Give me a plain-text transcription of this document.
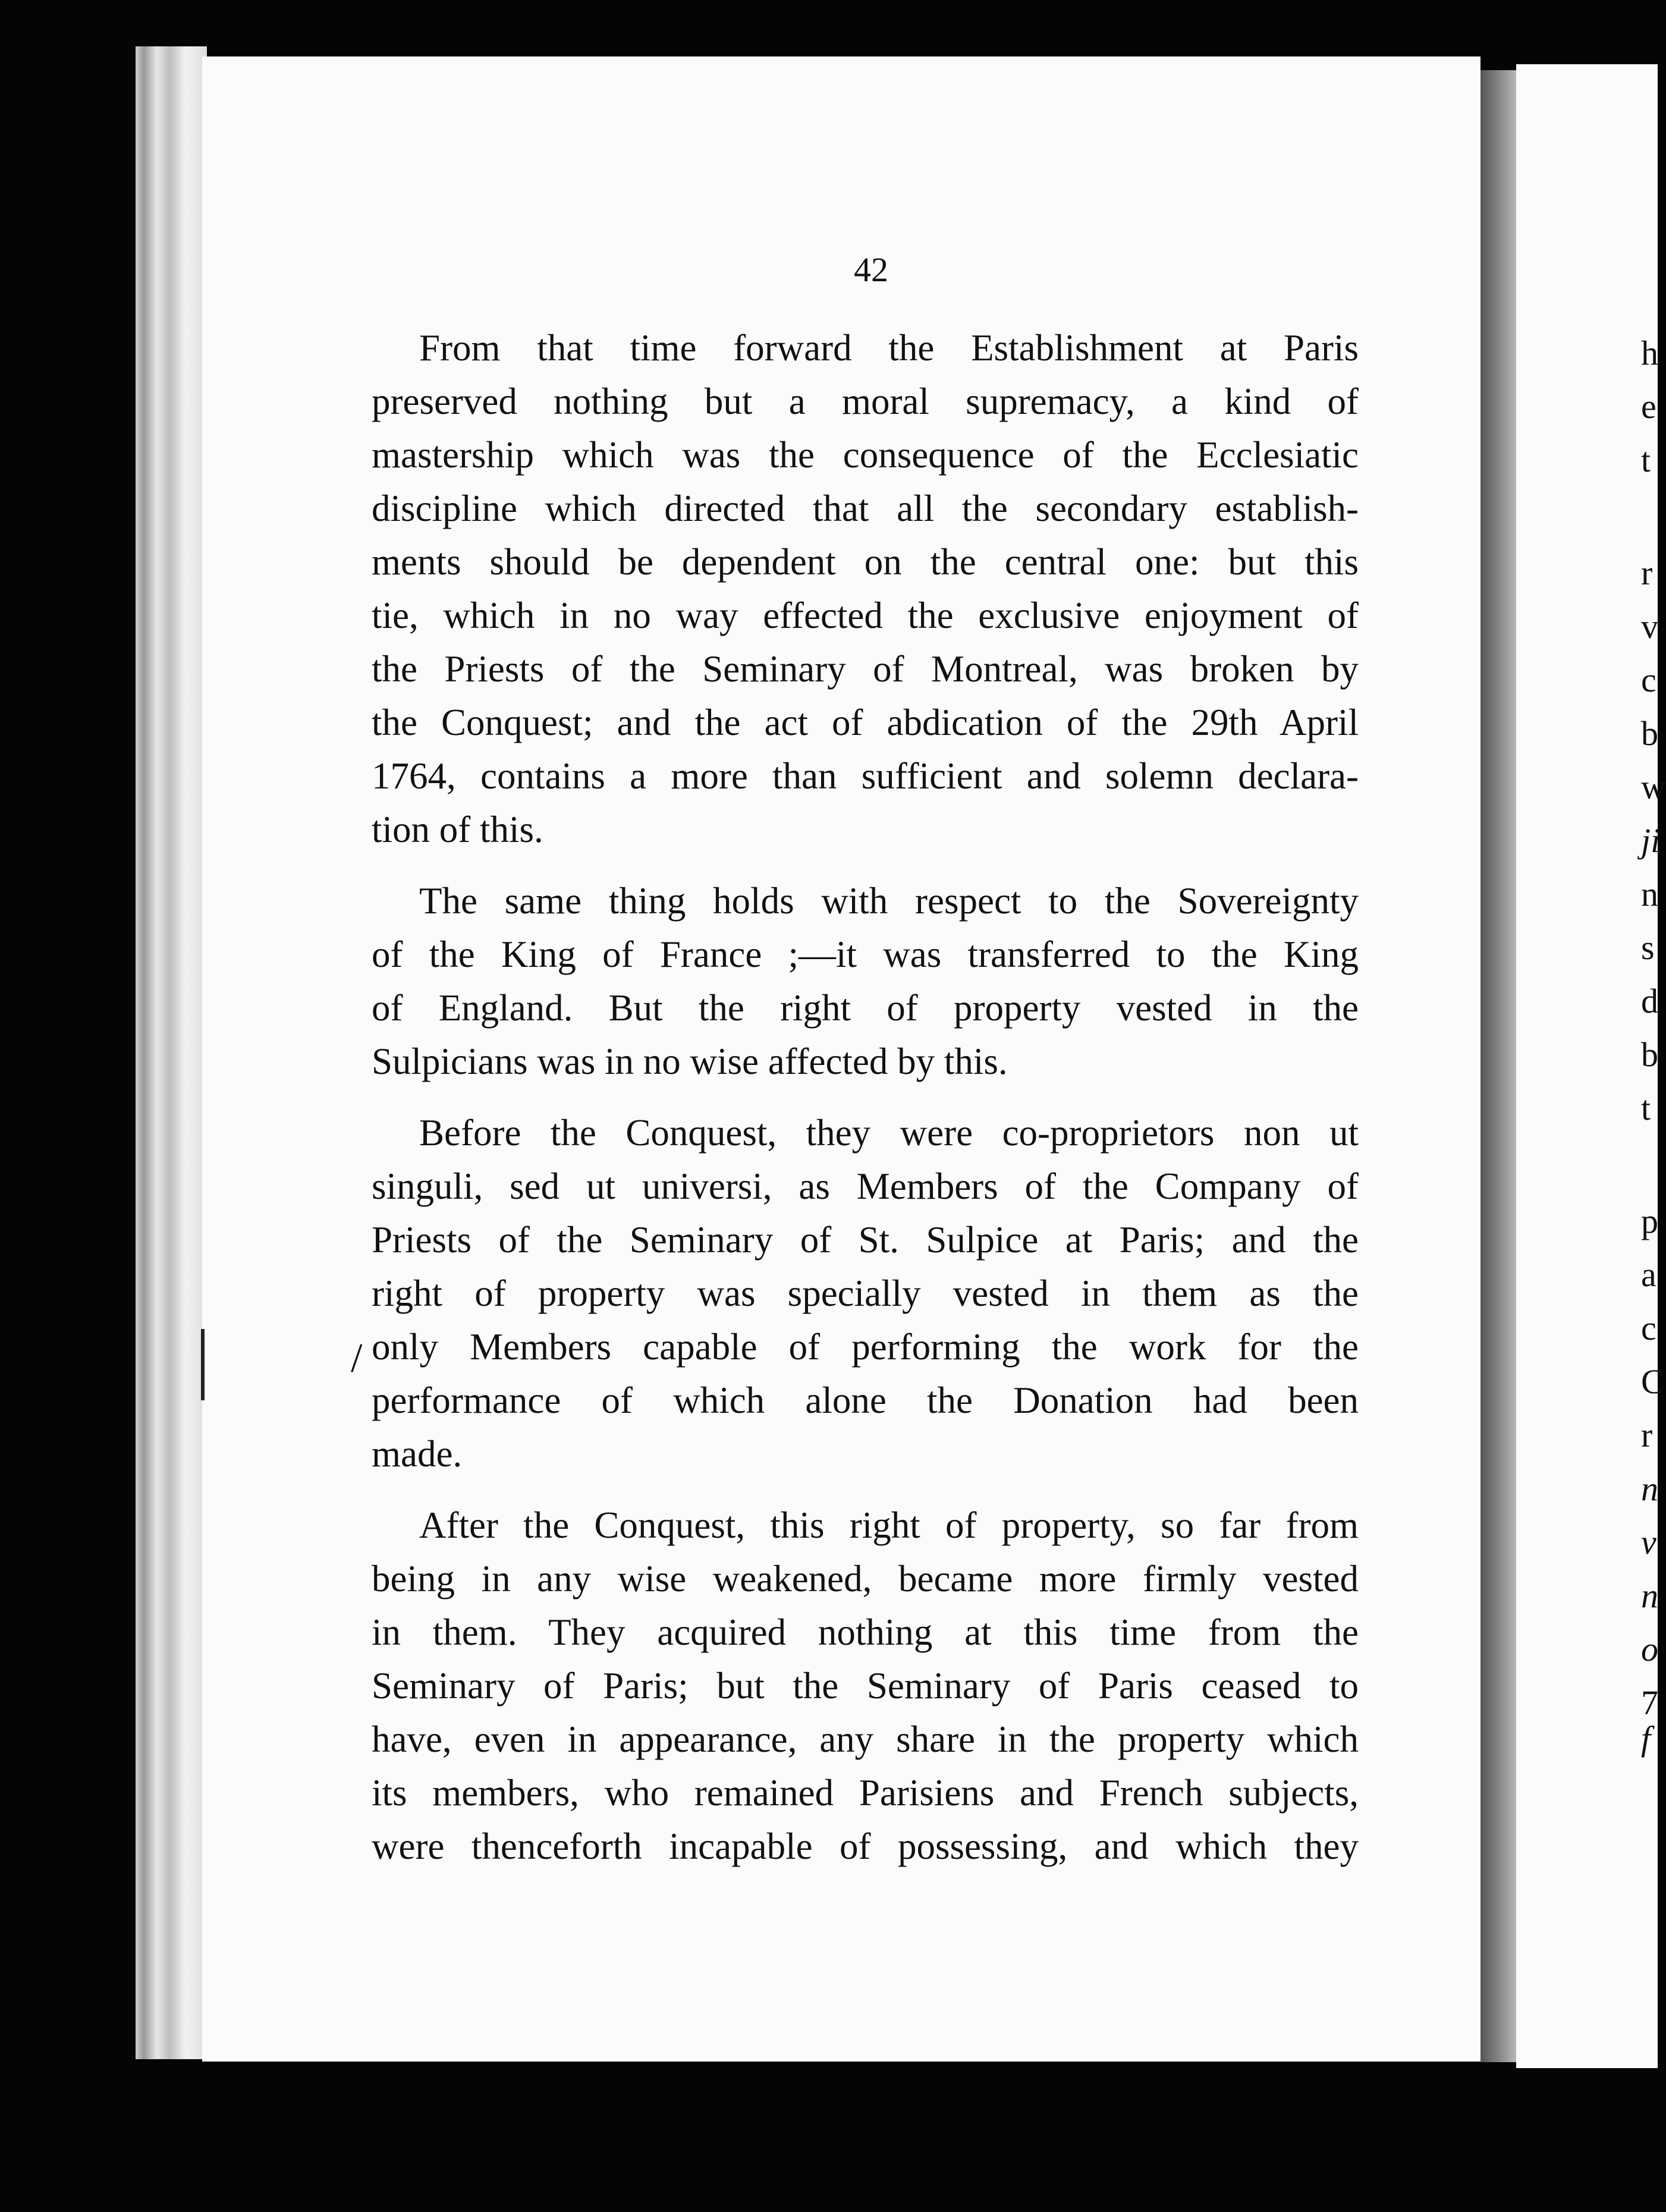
42
From that time forward the Establishment at Paris
preserved nothing but a moral supremacy, a kind of
mastership which was the consequence of the Ecclesiatic
discipline which directed that all the secondary establish-
ments should be dependent on the central one: but this
tie, which in no way effected the exclusive enjoyment of
the Priests of the Seminary of Montreal, was broken by
the Conquest; and the act of abdication of the 29th April
1764, contains a more than sufficient and solemn declara-
tion of this.
The same thing holds with respect to the Sovereignty
of the King of France ;—it was transferred to the King
of England. But the right of property vested in the
Sulpicians was in no wise affected by this.
Before the Conquest, they were co-proprietors non ut
singuli, sed ut universi, as Members of the Company of
Priests of the Seminary of St. Sulpice at Paris; and the
right of property was specially vested in them as the
only Members capable of performing the work for the
performance of which alone the Donation had been
made.
After the Conquest, this right of property, so far from
being in any wise weakened, became more firmly vested
in them. They acquired nothing at this time from the
Seminary of Paris; but the Seminary of Paris ceased to
have, even in appearance, any share in the property which
its members, who remained Parisiens and French subjects,
were thenceforth incapable of possessing, and which they
/
h
e
t
r
v
c
b
w
ji
n
s
d
b
t
p
a
c
C
r
n
v
n
o
7
f
